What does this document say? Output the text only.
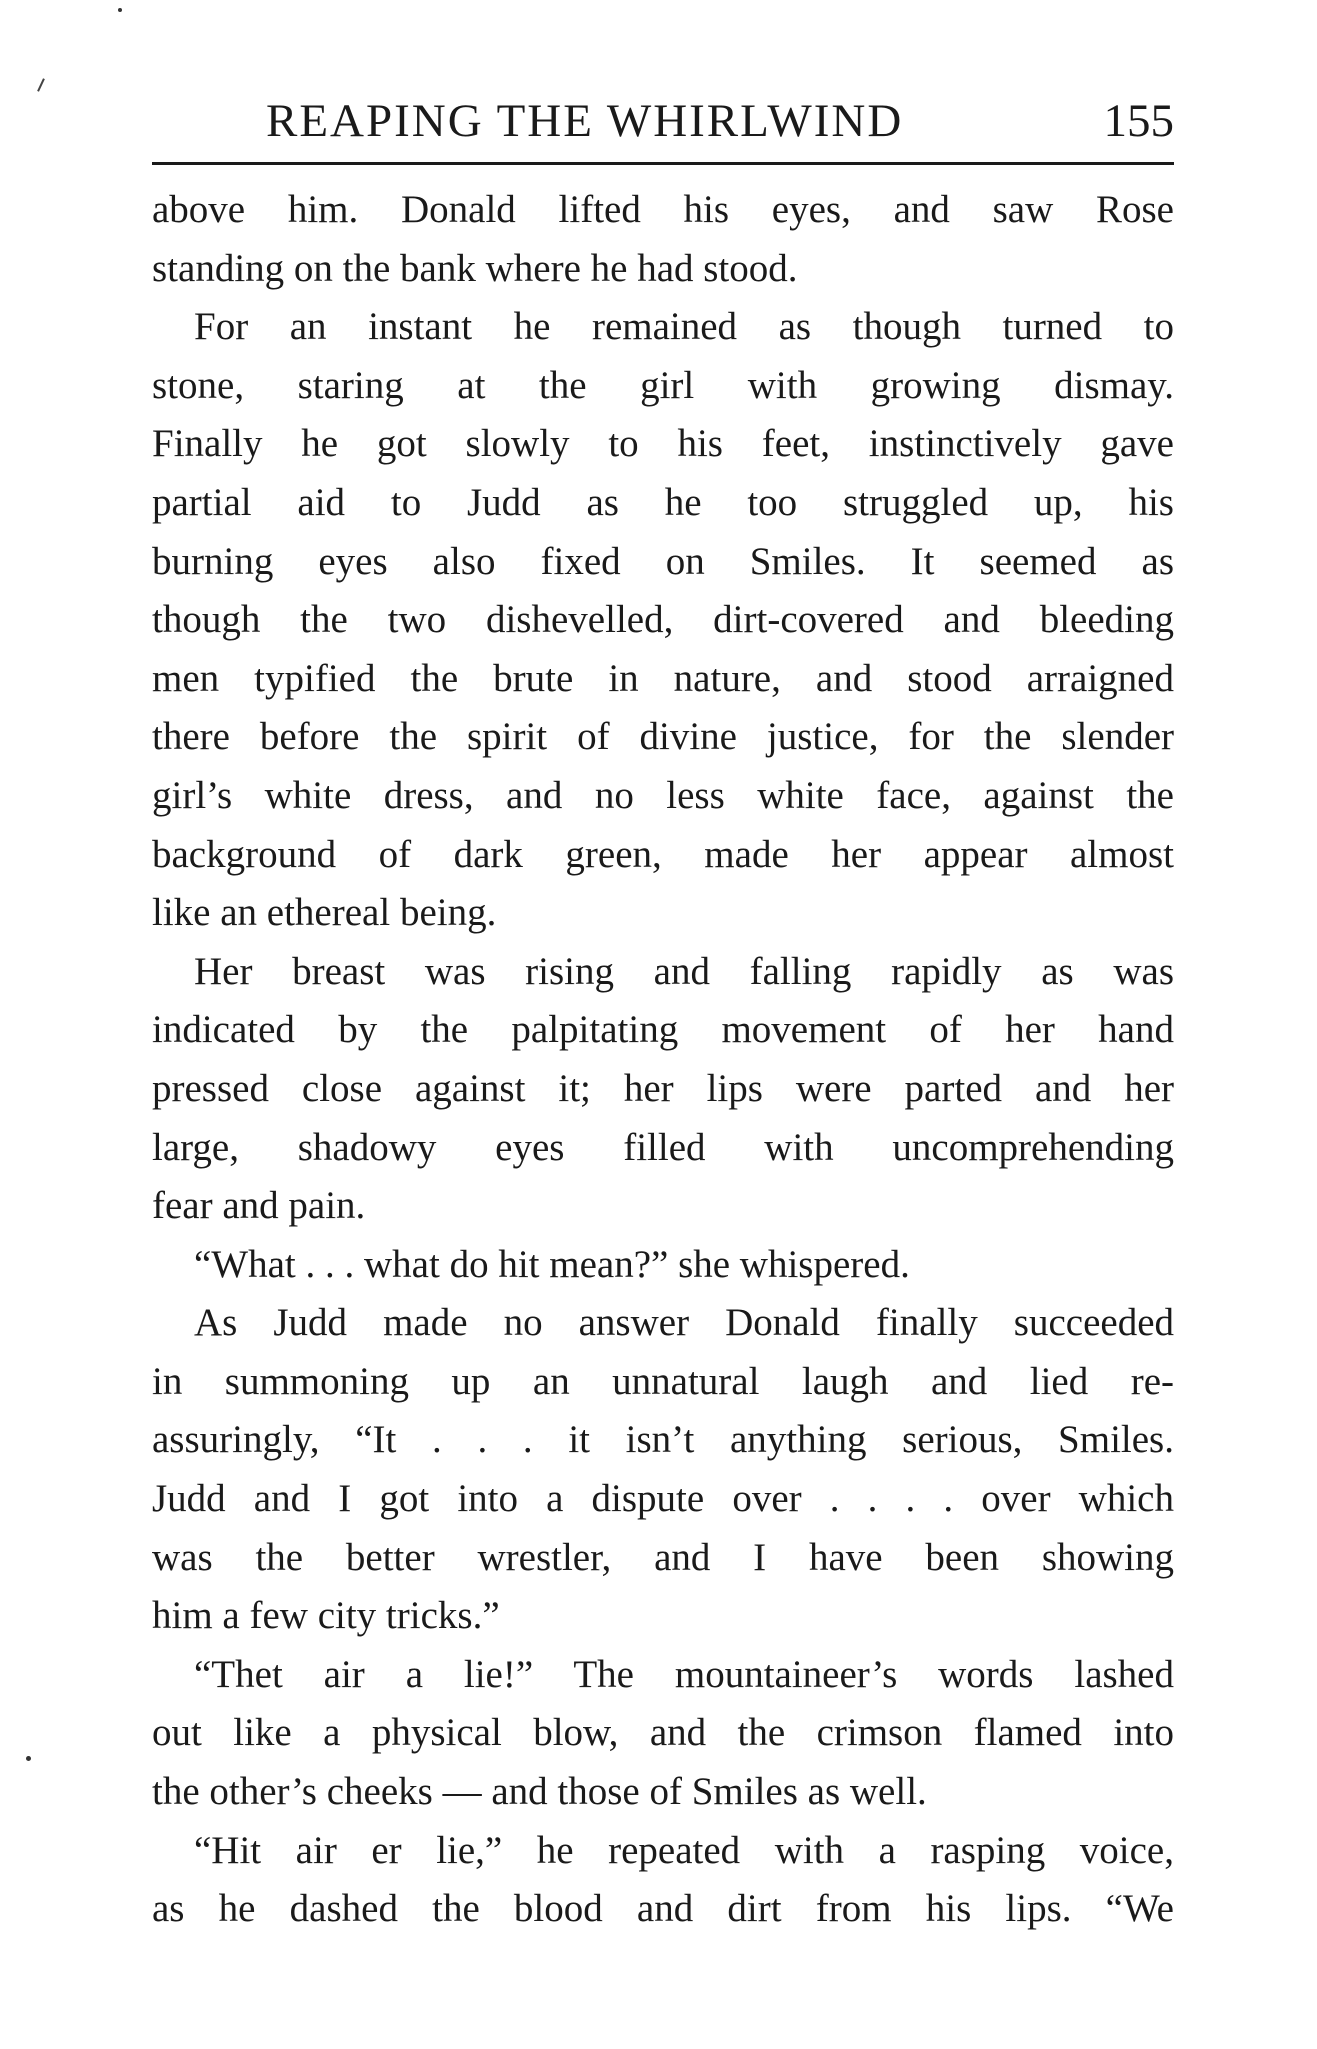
REAPING THE WHIRLWIND	155
above him. Donald lifted his eyes, and saw Rose
standing on the bank where he had stood.
For an instant he remained as though turned to
stone, staring at the girl with growing dismay.
Finally he got slowly to his feet, instinctively gave
partial aid to Judd as he too struggled up, his
burning eyes also fixed on Smiles. It seemed as
though the two dishevelled, dirt-covered and bleeding
men typified the brute in nature, and stood arraigned
there before the spirit of divine justice, for the slender
girl’s white dress, and no less white face, against the
background of dark green, made her appear almost
like an ethereal being.
Her breast was rising and falling rapidly as was
indicated by the palpitating movement of her hand
pressed close against it; her lips were parted and her
large, shadowy eyes filled with uncomprehending
fear and pain.
“What . . . what do hit mean?” she whispered.
As Judd made no answer Donald finally succeeded
in summoning up an unnatural laugh and lied re-
assuringly, “It . . . it isn’t anything serious, Smiles.
Judd and I got into a dispute over . . . . over which
was the better wrestler, and I have been showing
him a few city tricks.”
“Thet air a lie!” The mountaineer’s words lashed
out like a physical blow, and the crimson flamed into
the other’s cheeks — and those of Smiles as well.
“Hit air er lie,” he repeated with a rasping voice,
as he dashed the blood and dirt from his lips. “We
